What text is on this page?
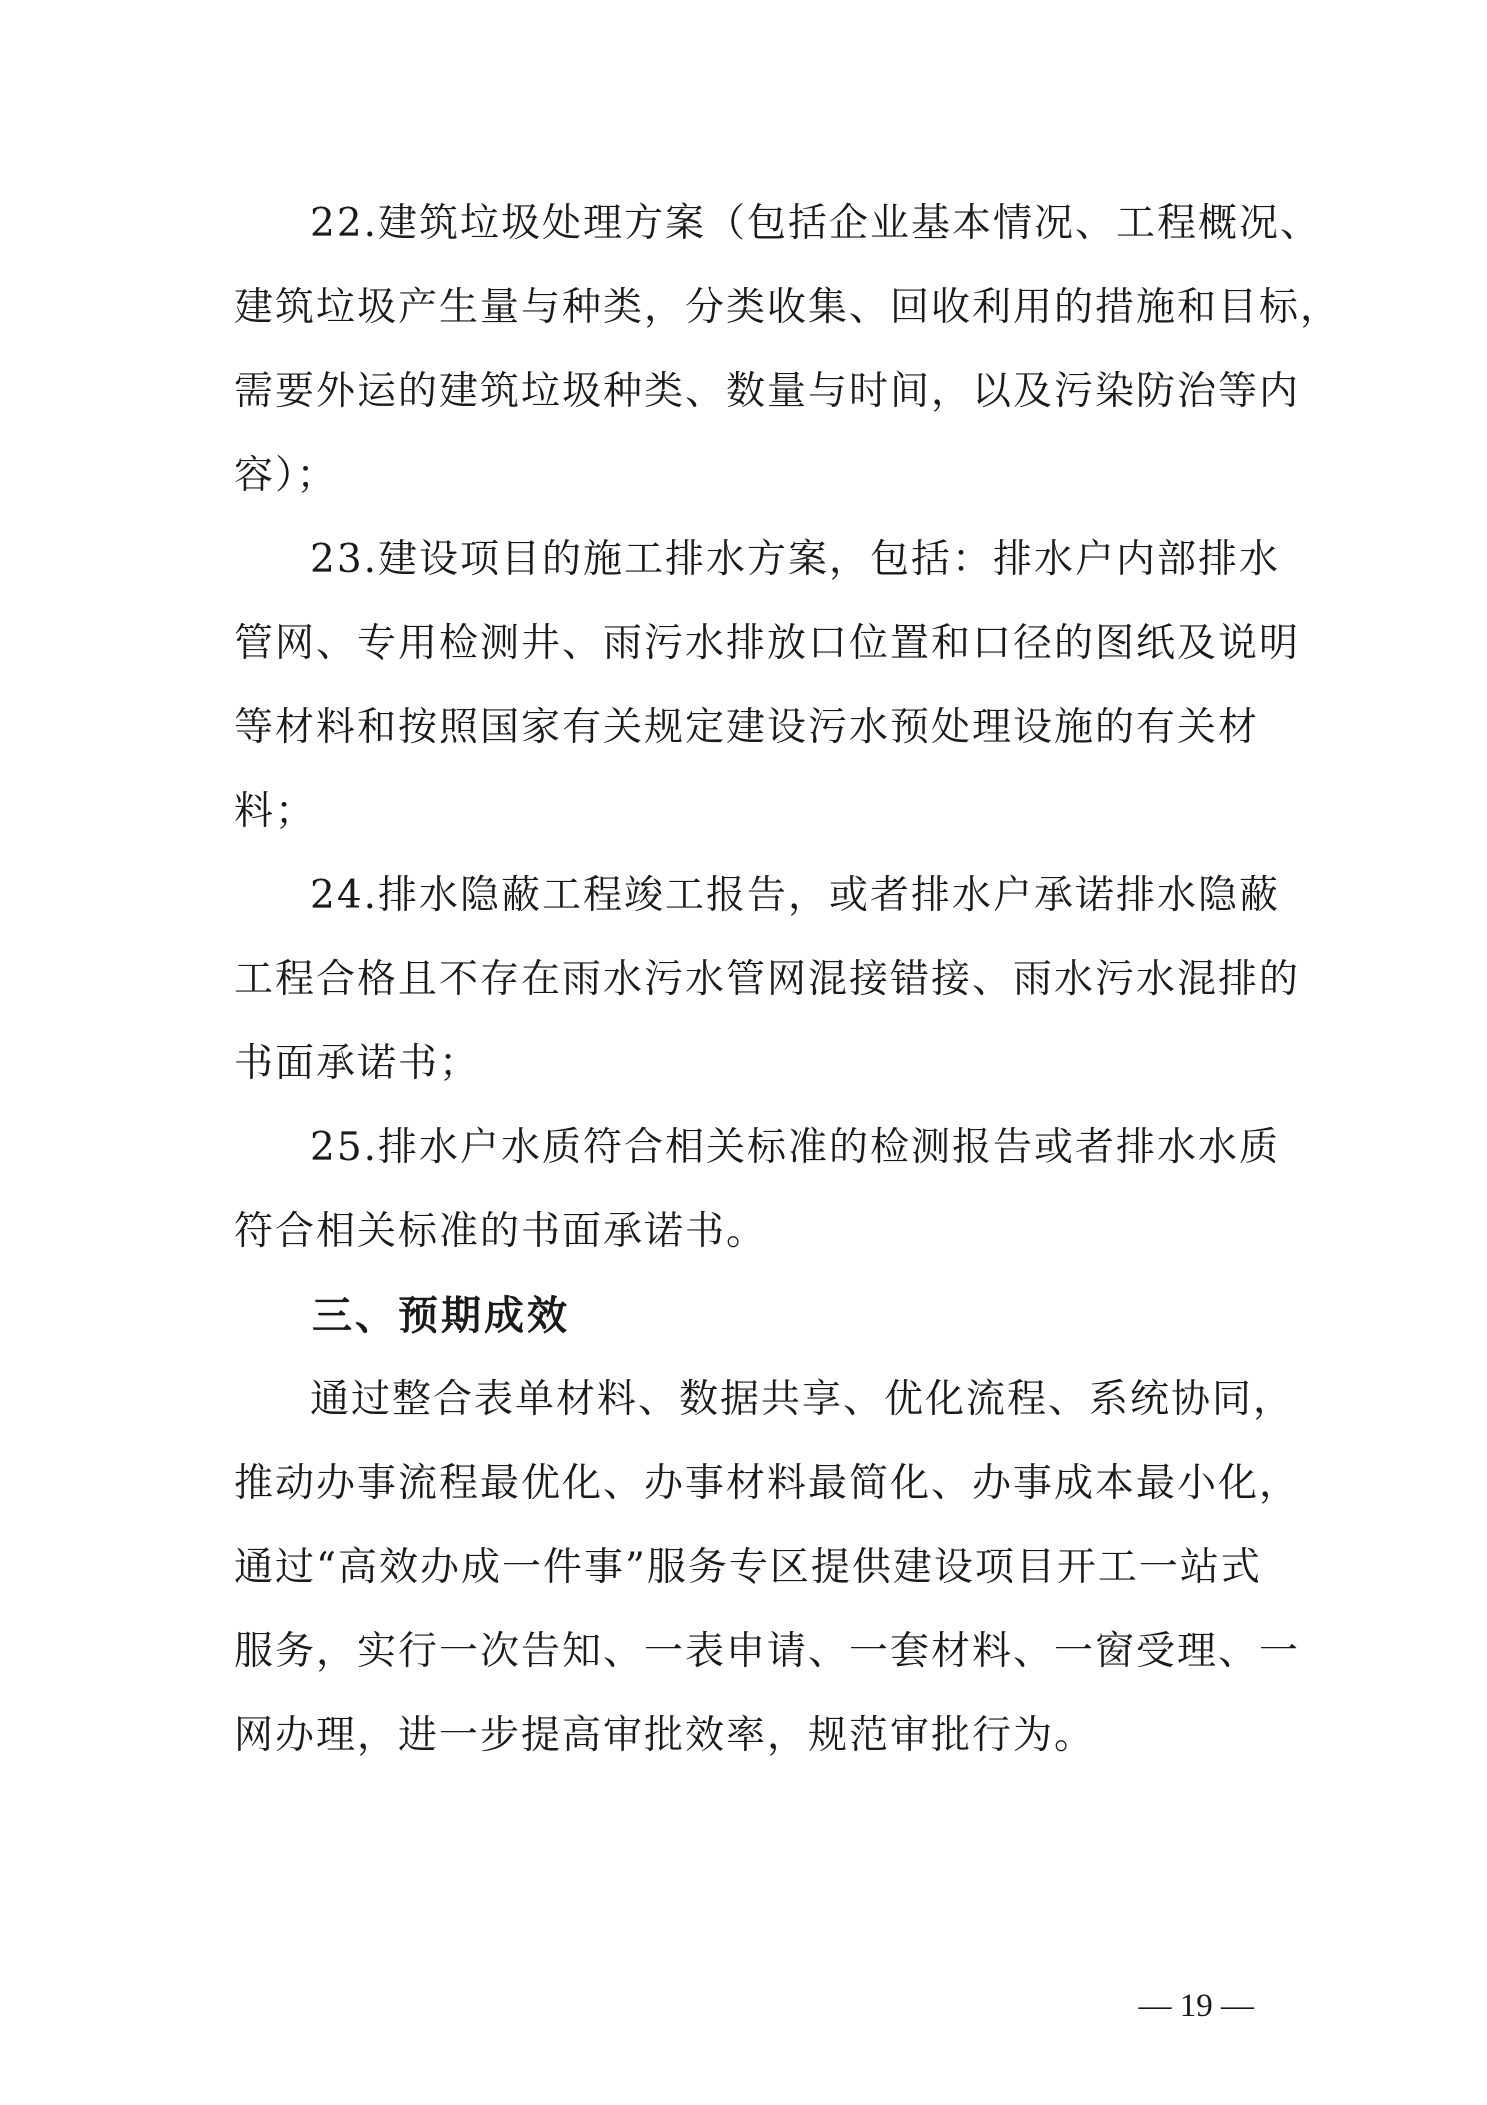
22.建筑垃圾处理方案（包括企业基本情况、工程概况、
建筑垃圾产生量与种类，分类收集、回收利用的措施和目标，
需要外运的建筑垃圾种类、数量与时间，以及污染防治等内
容）；
23.建设项目的施工排水方案，包括：排水户内部排水
管网、专用检测井、雨污水排放口位置和口径的图纸及说明
等材料和按照国家有关规定建设污水预处理设施的有关材
料；
24.排水隐蔽工程竣工报告，或者排水户承诺排水隐蔽
工程合格且不存在雨水污水管网混接错接、雨水污水混排的
书面承诺书；
25.排水户水质符合相关标准的检测报告或者排水水质
符合相关标准的书面承诺书。
三、预期成效
通过整合表单材料、数据共享、优化流程、系统协同，
推动办事流程最优化、办事材料最简化、办事成本最小化，
通过“高效办成一件事”服务专区提供建设项目开工一站式
服务，实行一次告知、一表申请、一套材料、一窗受理、一
网办理，进一步提高审批效率，规范审批行为。
— 19 —
